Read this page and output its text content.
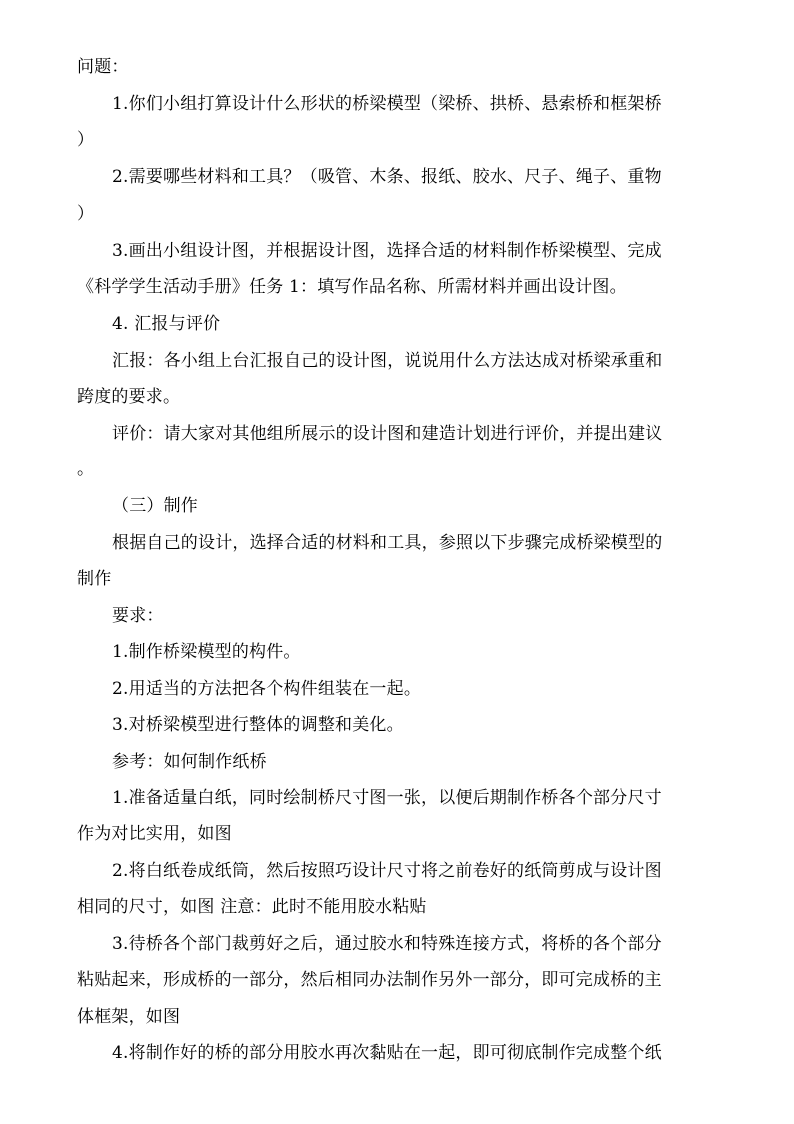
问题：
1.你们小组打算设计什么形状的桥梁模型（梁桥、拱桥、悬索桥和框架桥
）
2.需要哪些材料和工具？（吸管、木条、报纸、胶水、尺子、绳子、重物
）
3.画出小组设计图，并根据设计图，选择合适的材料制作桥梁模型、完成
《科学学生活动手册》任务 1：填写作品名称、所需材料并画出设计图。
4. 汇报与评价
汇报：各小组上台汇报自己的设计图，说说用什么方法达成对桥梁承重和
跨度的要求。
评价：请大家对其他组所展示的设计图和建造计划进行评价，并提出建议
。
（三）制作
根据自己的设计，选择合适的材料和工具，参照以下步骤完成桥梁模型的
制作
要求：
1.制作桥梁模型的构件。
2.用适当的方法把各个构件组装在一起。
3.对桥梁模型进行整体的调整和美化。
参考：如何制作纸桥
1.准备适量白纸，同时绘制桥尺寸图一张，以便后期制作桥各个部分尺寸
作为对比实用，如图
2.将白纸卷成纸筒，然后按照巧设计尺寸将之前卷好的纸筒剪成与设计图
相同的尺寸，如图 注意：此时不能用胶水粘贴
3.待桥各个部门裁剪好之后，通过胶水和特殊连接方式，将桥的各个部分
粘贴起来，形成桥的一部分，然后相同办法制作另外一部分，即可完成桥的主
体框架，如图
4.将制作好的桥的部分用胶水再次黏贴在一起，即可彻底制作完成整个纸
